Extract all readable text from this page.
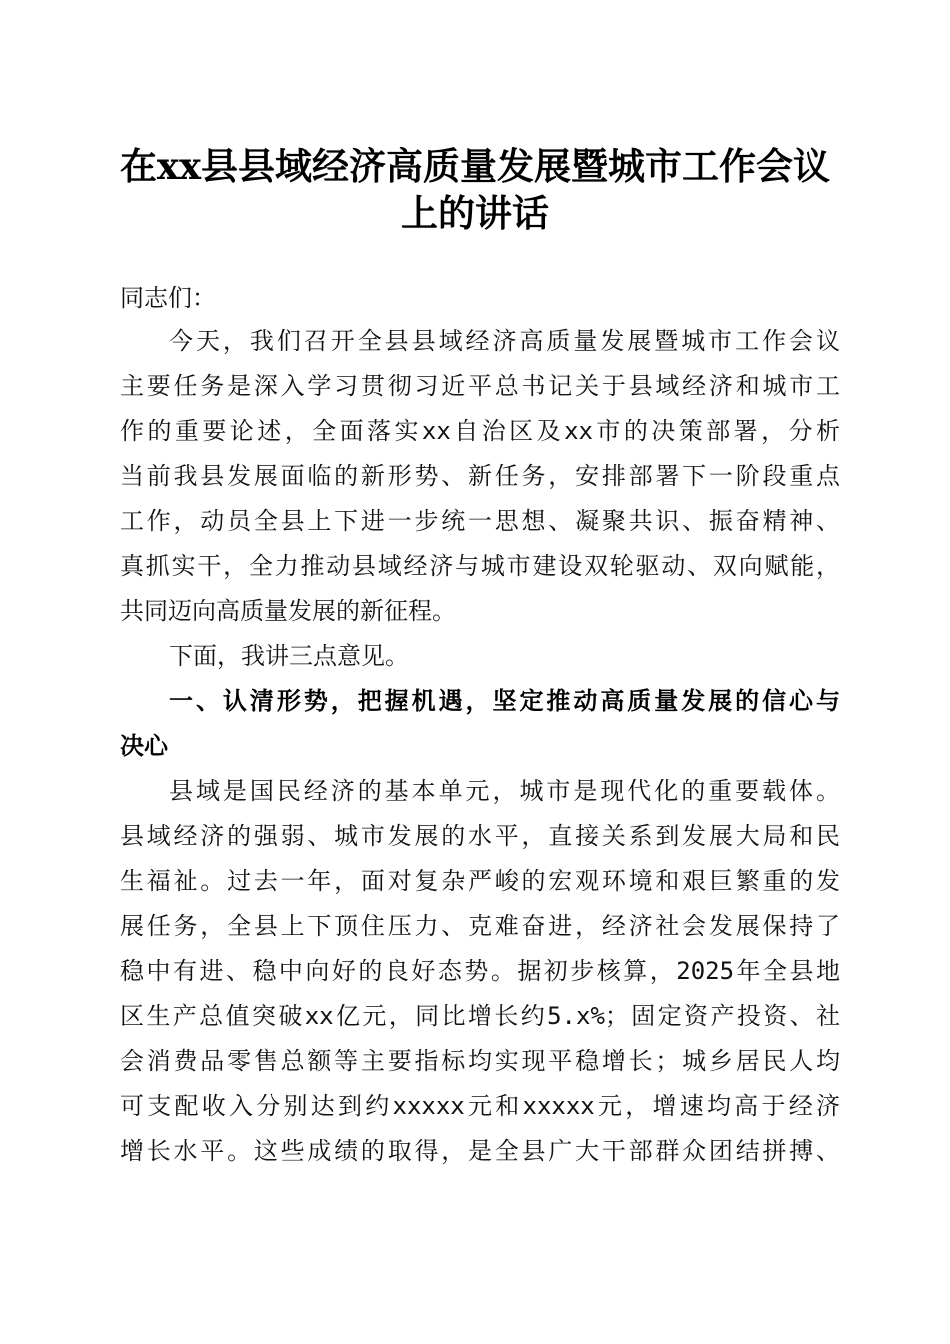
在xx县县域经济高质量发展暨城市工作会议
上的讲话
同志们：
今天，我们召开全县县域经济高质量发展暨城市工作会议
主要任务是深入学习贯彻习近平总书记关于县域经济和城市工
作的重要论述，全面落实xx自治区及xx市的决策部署，分析
当前我县发展面临的新形势、新任务，安排部署下一阶段重点
工作，动员全县上下进一步统一思想、凝聚共识、振奋精神、
真抓实干，全力推动县域经济与城市建设双轮驱动、双向赋能，
共同迈向高质量发展的新征程。
下面，我讲三点意见。
一、认清形势，把握机遇，坚定推动高质量发展的信心与
决心
县域是国民经济的基本单元，城市是现代化的重要载体。
县域经济的强弱、城市发展的水平，直接关系到发展大局和民
生福祉。过去一年，面对复杂严峻的宏观环境和艰巨繁重的发
展任务，全县上下顶住压力、克难奋进，经济社会发展保持了
稳中有进、稳中向好的良好态势。据初步核算，2025年全县地
区生产总值突破xx亿元，同比增长约5.x%；固定资产投资、社
会消费品零售总额等主要指标均实现平稳增长；城乡居民人均
可支配收入分别达到约xxxxx元和xxxxx元，增速均高于经济
增长水平。这些成绩的取得，是全县广大干部群众团结拼搏、
